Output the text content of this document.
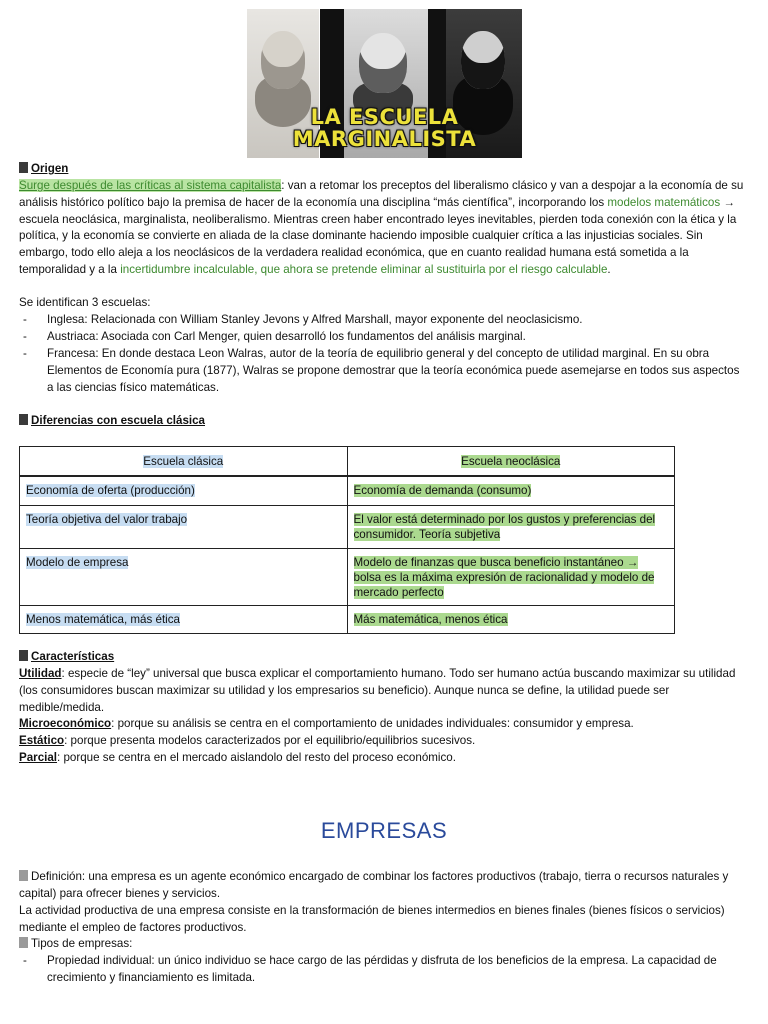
LA ESCUELA
MARGINALISTA
Origen
Surge después de las críticas al sistema capitalista: van a retomar los preceptos del liberalismo clásico y van a despojar a la economía de su análisis histórico político bajo la premisa de hacer de la economía una disciplina “más científica”, incorporando los modelos matemáticos → escuela neoclásica, marginalista, neoliberalismo. Mientras creen haber encontrado leyes inevitables, pierden toda conexión con la ética y la política, y la economía se convierte en aliada de la clase dominante haciendo imposible cualquier crítica a las injusticias sociales. Sin embargo, todo ello aleja a los neoclásicos de la verdadera realidad económica, que en cuanto realidad humana está sometida a la temporalidad y a la incertidumbre incalculable, que ahora se pretende eliminar al sustituirla por el riesgo calculable.
Se identifican 3 escuelas:
- Inglesa: Relacionada con William Stanley Jevons y Alfred Marshall, mayor exponente del neoclasicismo.
- Austriaca: Asociada con Carl Menger, quien desarrolló los fundamentos del análisis marginal.
- Francesa: En donde destaca Leon Walras, autor de la teoría de equilibrio general y del concepto de utilidad marginal. En su obra Elementos de Economía pura (1877), Walras se propone demostrar que la teoría económica puede asemejarse en todos sus aspectos a las ciencias físico matemáticas.
Diferencias con escuela clásica
Escuela clásica	Escuela neoclásica
Economía de oferta (producción)	Economía de demanda (consumo)
Teoría objetiva del valor trabajo	El valor está determinado por los gustos y preferencias del consumidor. Teoría subjetiva
Modelo de empresa	Modelo de finanzas que busca beneficio instantáneo → bolsa es la máxima expresión de racionalidad y modelo de mercado perfecto
Menos matemática, más ética	Más matemática, menos ética
Características
Utilidad: especie de “ley” universal que busca explicar el comportamiento humano. Todo ser humano actúa buscando maximizar su utilidad (los consumidores buscan maximizar su utilidad y los empresarios su beneficio). Aunque nunca se define, la utilidad puede ser medible/medida.
Microeconómico: porque su análisis se centra en el comportamiento de unidades individuales: consumidor y empresa.
Estático: porque presenta modelos caracterizados por el equilibrio/equilibrios sucesivos.
Parcial: porque se centra en el mercado aislandolo del resto del proceso económico.
EMPRESAS
Definición: una empresa es un agente económico encargado de combinar los factores productivos (trabajo, tierra o recursos naturales y capital) para ofrecer bienes y servicios.
La actividad productiva de una empresa consiste en la transformación de bienes intermedios en bienes finales (bienes físicos o servicios) mediante el empleo de factores productivos.
Tipos de empresas:
- Propiedad individual: un único individuo se hace cargo de las pérdidas y disfruta de los beneficios de la empresa. La capacidad de crecimiento y financiamiento es limitada.
